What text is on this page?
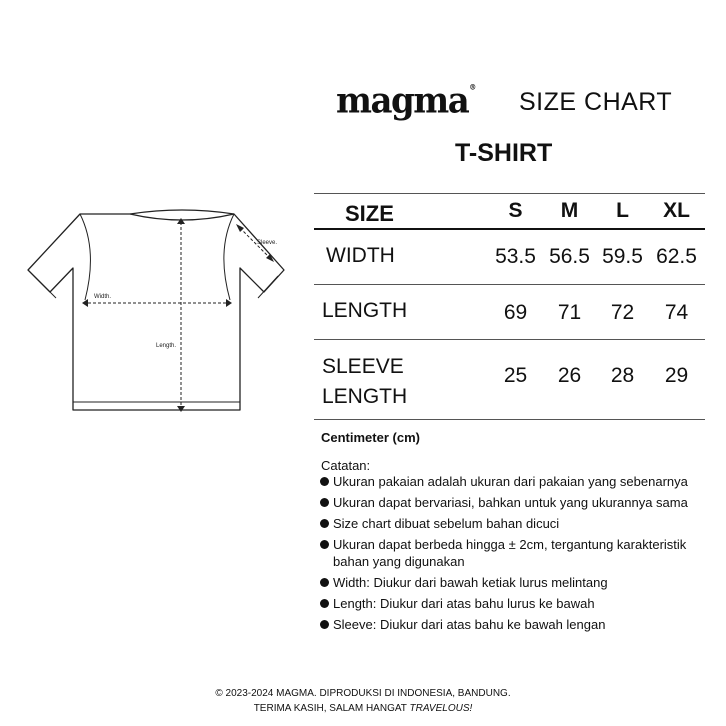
Sleeve.
Width.
Length.
magma®
SIZE CHART
T-SHIRT
SIZE	S	M	L	XL
WIDTH	53.5 56.5 59.5 62.5
LENGTH	69	71	72	74
SLEEVE
LENGTH
25	26	28	29
Centimeter (cm)
Catatan:
Ukuran pakaian adalah ukuran dari pakaian yang sebenarnya
Ukuran dapat bervariasi, bahkan untuk yang ukurannya sama
Size chart dibuat sebelum bahan dicuci
Ukuran dapat berbeda hingga ± 2cm, tergantung karakteristik bahan yang digunakan
Width: Diukur dari bawah ketiak lurus melintang
Length: Diukur dari atas bahu lurus ke bawah
Sleeve: Diukur dari atas bahu ke bawah lengan
© 2023-2024 MAGMA. DIPRODUKSI DI INDONESIA, BANDUNG.
TERIMA KASIH, SALAM HANGAT TRAVELOUS!
